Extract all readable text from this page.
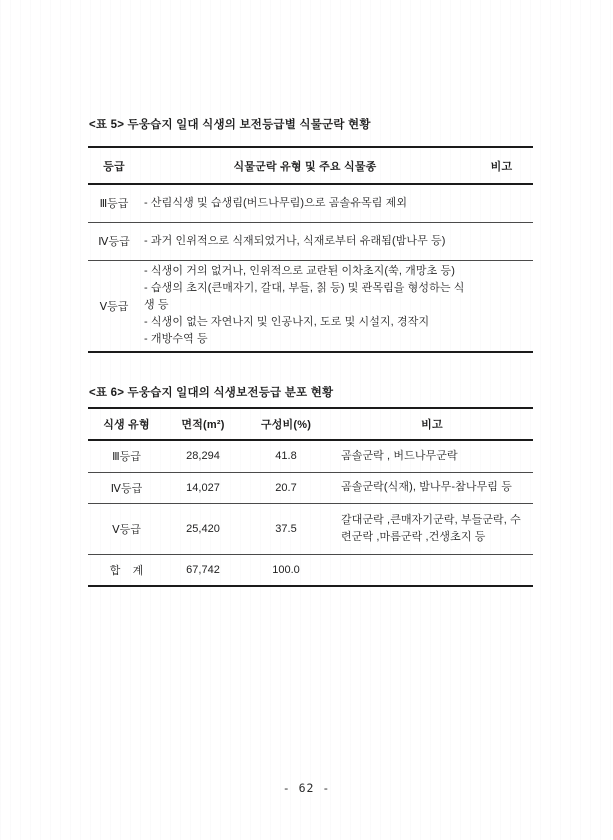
<표 5> 두웅습지 일대 식생의 보전등급별 식물군락 현황
등급	식물군락 유형 및 주요 식물종	비고
Ⅲ등급	- 산림식생 및 습생림(버드나무림)으로 곰솔유목림 제외	

Ⅳ등급	- 과거 인위적으로 식재되었거나, 식재로부터 유래됨(밤나무 등)	

Ⅴ등급	- 식생이 거의 없거나, 인위적으로 교란된 이차초지(쑥, 개망초 등)
- 습생의 초지(큰매자기, 갈대, 부들, 칡 등) 및 관목림을 형성하는 식생 등
- 식생이 없는 자연나지 및 인공나지, 도로 및 시설지, 경작지
- 개방수역 등	

<표 6> 두웅습지 일대의 식생보전등급 분포 현황
식생 유형	면적(m²)	구성비(%)	비고
Ⅲ등급	28,294	41.8	곰솔군락 , 버드나무군락
Ⅳ등급	14,027	20.7	곰솔군락(식재), 밤나무-참나무림 등
Ⅴ등급	25,420	37.5	갈대군락 ,큰매자기군락, 부들군락, 수련군락 ,마름군락 ,건생초지 등
합    계	67,742	100.0	
- 62 -
